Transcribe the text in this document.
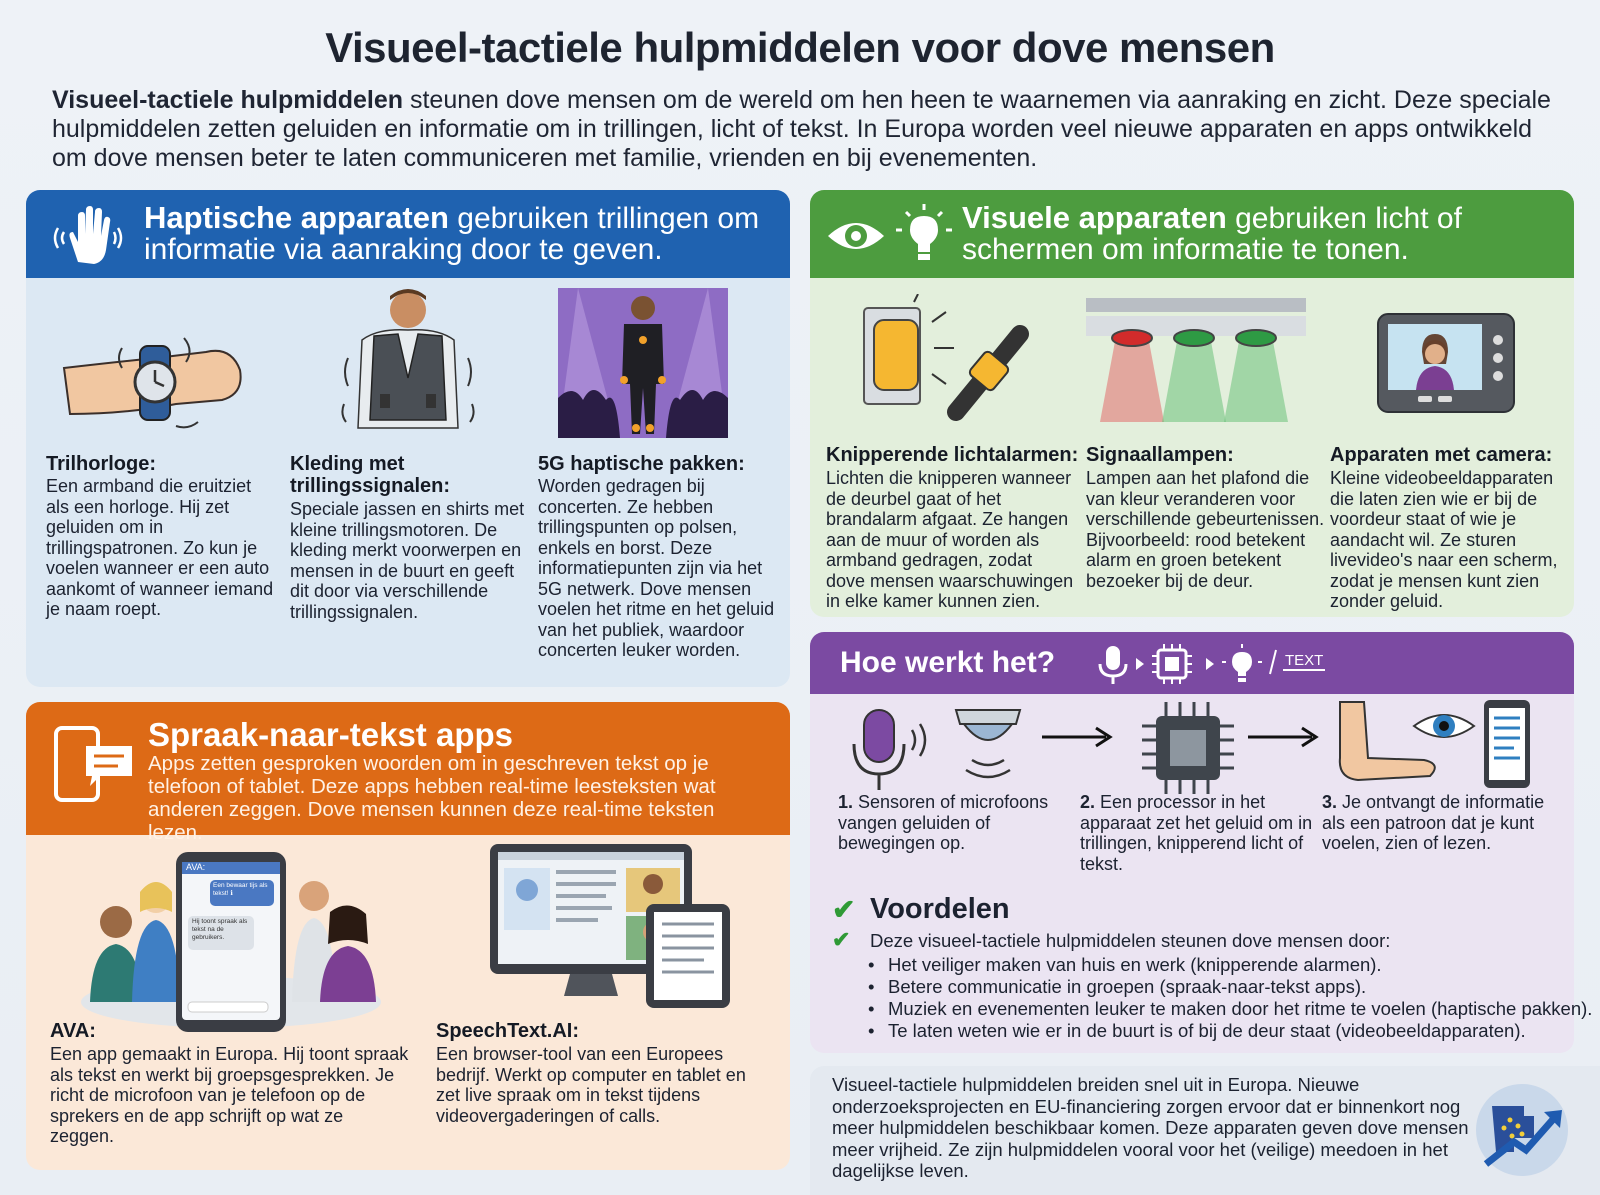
Visueel-tactiele hulpmiddelen voor dove mensen
Visueel-tactiele hulpmiddelen steunen dove mensen om de wereld om hen heen te waarnemen via aanraking en zicht. Deze speciale hulpmiddelen zetten geluiden en informatie om in trillingen, licht of tekst. In Europa worden veel nieuwe apparaten en apps ontwikkeld om dove mensen beter te laten communiceren met familie, vrienden en bij evenementen.
Haptische apparaten gebruiken trillingen om informatie via aanraking door te geven.
Trilhorloge:
Een armband die eruitziet als een horloge. Hij zet geluiden om in trillingspatronen. Zo kun je voelen wanneer er een auto aankomt of wanneer iemand je naam roept.
Kleding met trillingssignalen:
Speciale jassen en shirts met kleine trillingsmotoren. De kleding merkt voorwerpen en mensen in de buurt en geeft dit door via verschillende trillingssignalen.
5G haptische pakken:
Worden gedragen bij concerten. Ze hebben trillingspunten op polsen, enkels en borst. Deze informatiepunten zijn via het 5G netwerk. Dove mensen voelen het ritme en het geluid van het publiek, waardoor concerten leuker worden.
Spraak-naar-tekst apps
Apps zetten gesproken woorden om in geschreven tekst op je telefoon of tablet. Deze apps hebben real-time leesteksten wat anderen zeggen. Dove mensen kunnen deze real-time teksten lezen.
AVA:
Een bewaar tijs als tekst! ℹ
Hij toont spraak als tekst na de gebruikers.
AVA:
Een app gemaakt in Europa. Hij toont spraak als tekst en werkt bij groepsgesprekken. Je richt de microfoon van je telefoon op de sprekers en de app schrijft op wat ze zeggen.
SpeechText.AI:
Een browser-tool van een Europees bedrijf. Werkt op computer en tablet en zet live spraak om in tekst tijdens videovergaderingen of calls.
Visuele apparaten gebruiken licht of schermen om informatie te tonen.
Knipperende lichtalarmen:
Lichten die knipperen wanneer de deurbel gaat of het brandalarm afgaat. Ze hangen aan de muur of worden als armband gedragen, zodat dove mensen waarschuwingen in elke kamer kunnen zien.
Signaallampen:
Lampen aan het plafond die van kleur veranderen voor verschillende gebeurtenissen. Bijvoorbeeld: rood betekent alarm en groen betekent bezoeker bij de deur.
Apparaten met camera:
Kleine videobeeldapparaten die laten zien wie er bij de voordeur staat of wie je aandacht wil. Ze sturen livevideo's naar een scherm, zodat je mensen kunt zien zonder geluid.
Hoe werkt het?	TEXT
1. Sensoren of microfoons vangen geluiden of bewegingen op.
2. Een processor in het apparaat zet het geluid om in trillingen, knipperend licht of tekst.
3. Je ontvangt de informatie als een patroon dat je kunt voelen, zien of lezen.
✔ Voordelen
✔ Deze visueel-tactiele hulpmiddelen steunen dove mensen door:
• Het veiliger maken van huis en werk (knipperende alarmen).
• Betere communicatie in groepen (spraak-naar-tekst apps).
• Muziek en evenementen leuker te maken door het ritme te voelen (haptische pakken).
• Te laten weten wie er in de buurt is of bij de deur staat (videobeeldapparaten).
Visueel-tactiele hulpmiddelen breiden snel uit in Europa. Nieuwe onderzoeksprojecten en EU-financiering zorgen ervoor dat er binnenkort nog meer hulpmiddelen beschikbaar komen. Deze apparaten geven dove mensen meer vrijheid. Ze zijn hulpmiddelen vooral voor het (veilige) meedoen in het dagelijkse leven.
